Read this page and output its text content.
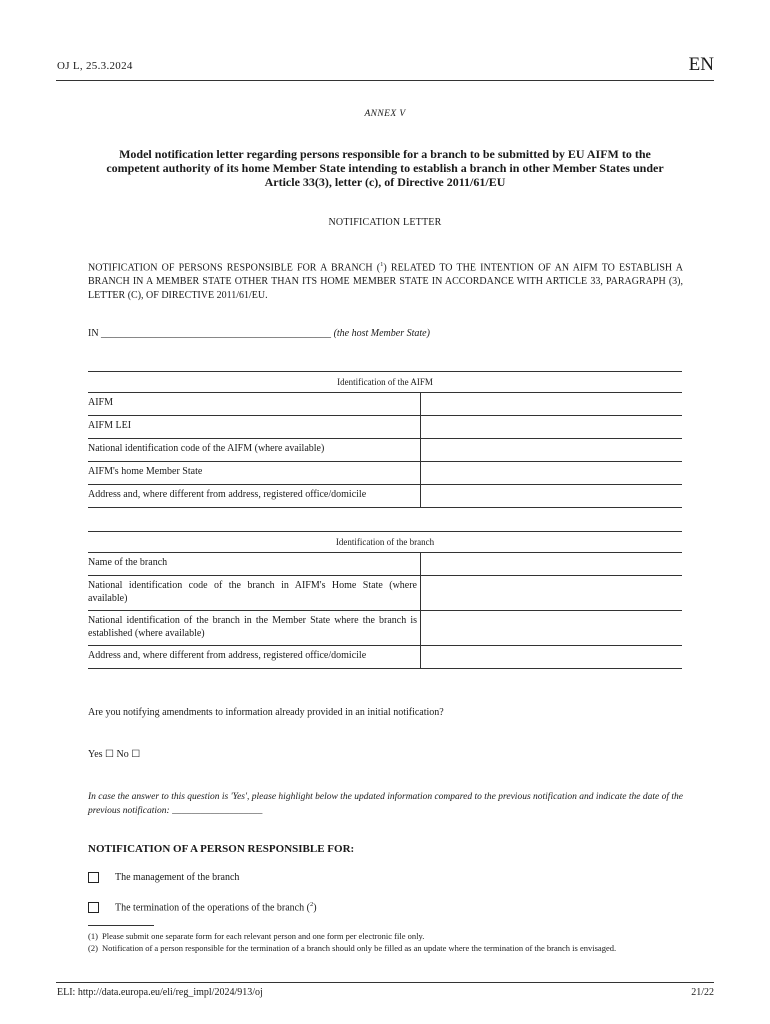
OJ L, 25.3.2024	EN
ANNEX V
Model notification letter regarding persons responsible for a branch to be submitted by EU AIFM to the competent authority of its home Member State intending to establish a branch in other Member States under Article 33(3), letter (c), of Directive 2011/61/EU
NOTIFICATION LETTER
NOTIFICATION OF PERSONS RESPONSIBLE FOR A BRANCH ($^1$) RELATED TO THE INTENTION OF AN AIFM TO ESTABLISH A BRANCH IN A MEMBER STATE OTHER THAN ITS HOME MEMBER STATE IN ACCORDANCE WITH ARTICLE 33, PARAGRAPH (3), LETTER (C), OF DIRECTIVE 2011/61/EU.
IN ______________________________________________ (the host Member State)
Identification of the AIFM
AIFM
AIFM LEI
National identification code of the AIFM (where available)
AIFM's home Member State
Address and, where different from address, registered office/domicile
Identification of the branch
Name of the branch
National identification code of the branch in AIFM's Home State (where available)
National identification of the branch in the Member State where the branch is established (where available)
Address and, where different from address, registered office/domicile
Are you notifying amendments to information already provided in an initial notification?
Yes ☐ No ☐
In case the answer to this question is 'Yes', please highlight below the updated information compared to the previous notification and indicate the date of the previous notification: ___________________
NOTIFICATION OF A PERSON RESPONSIBLE FOR:
The management of the branch
The termination of the operations of the branch ($^2$)
(1) Please submit one separate form for each relevant person and one form per electronic file only.
(2) Notification of a person responsible for the termination of a branch should only be filled as an update where the termination of the branch is envisaged.
ELI: http://data.europa.eu/eli/reg_impl/2024/913/oj	21/22
